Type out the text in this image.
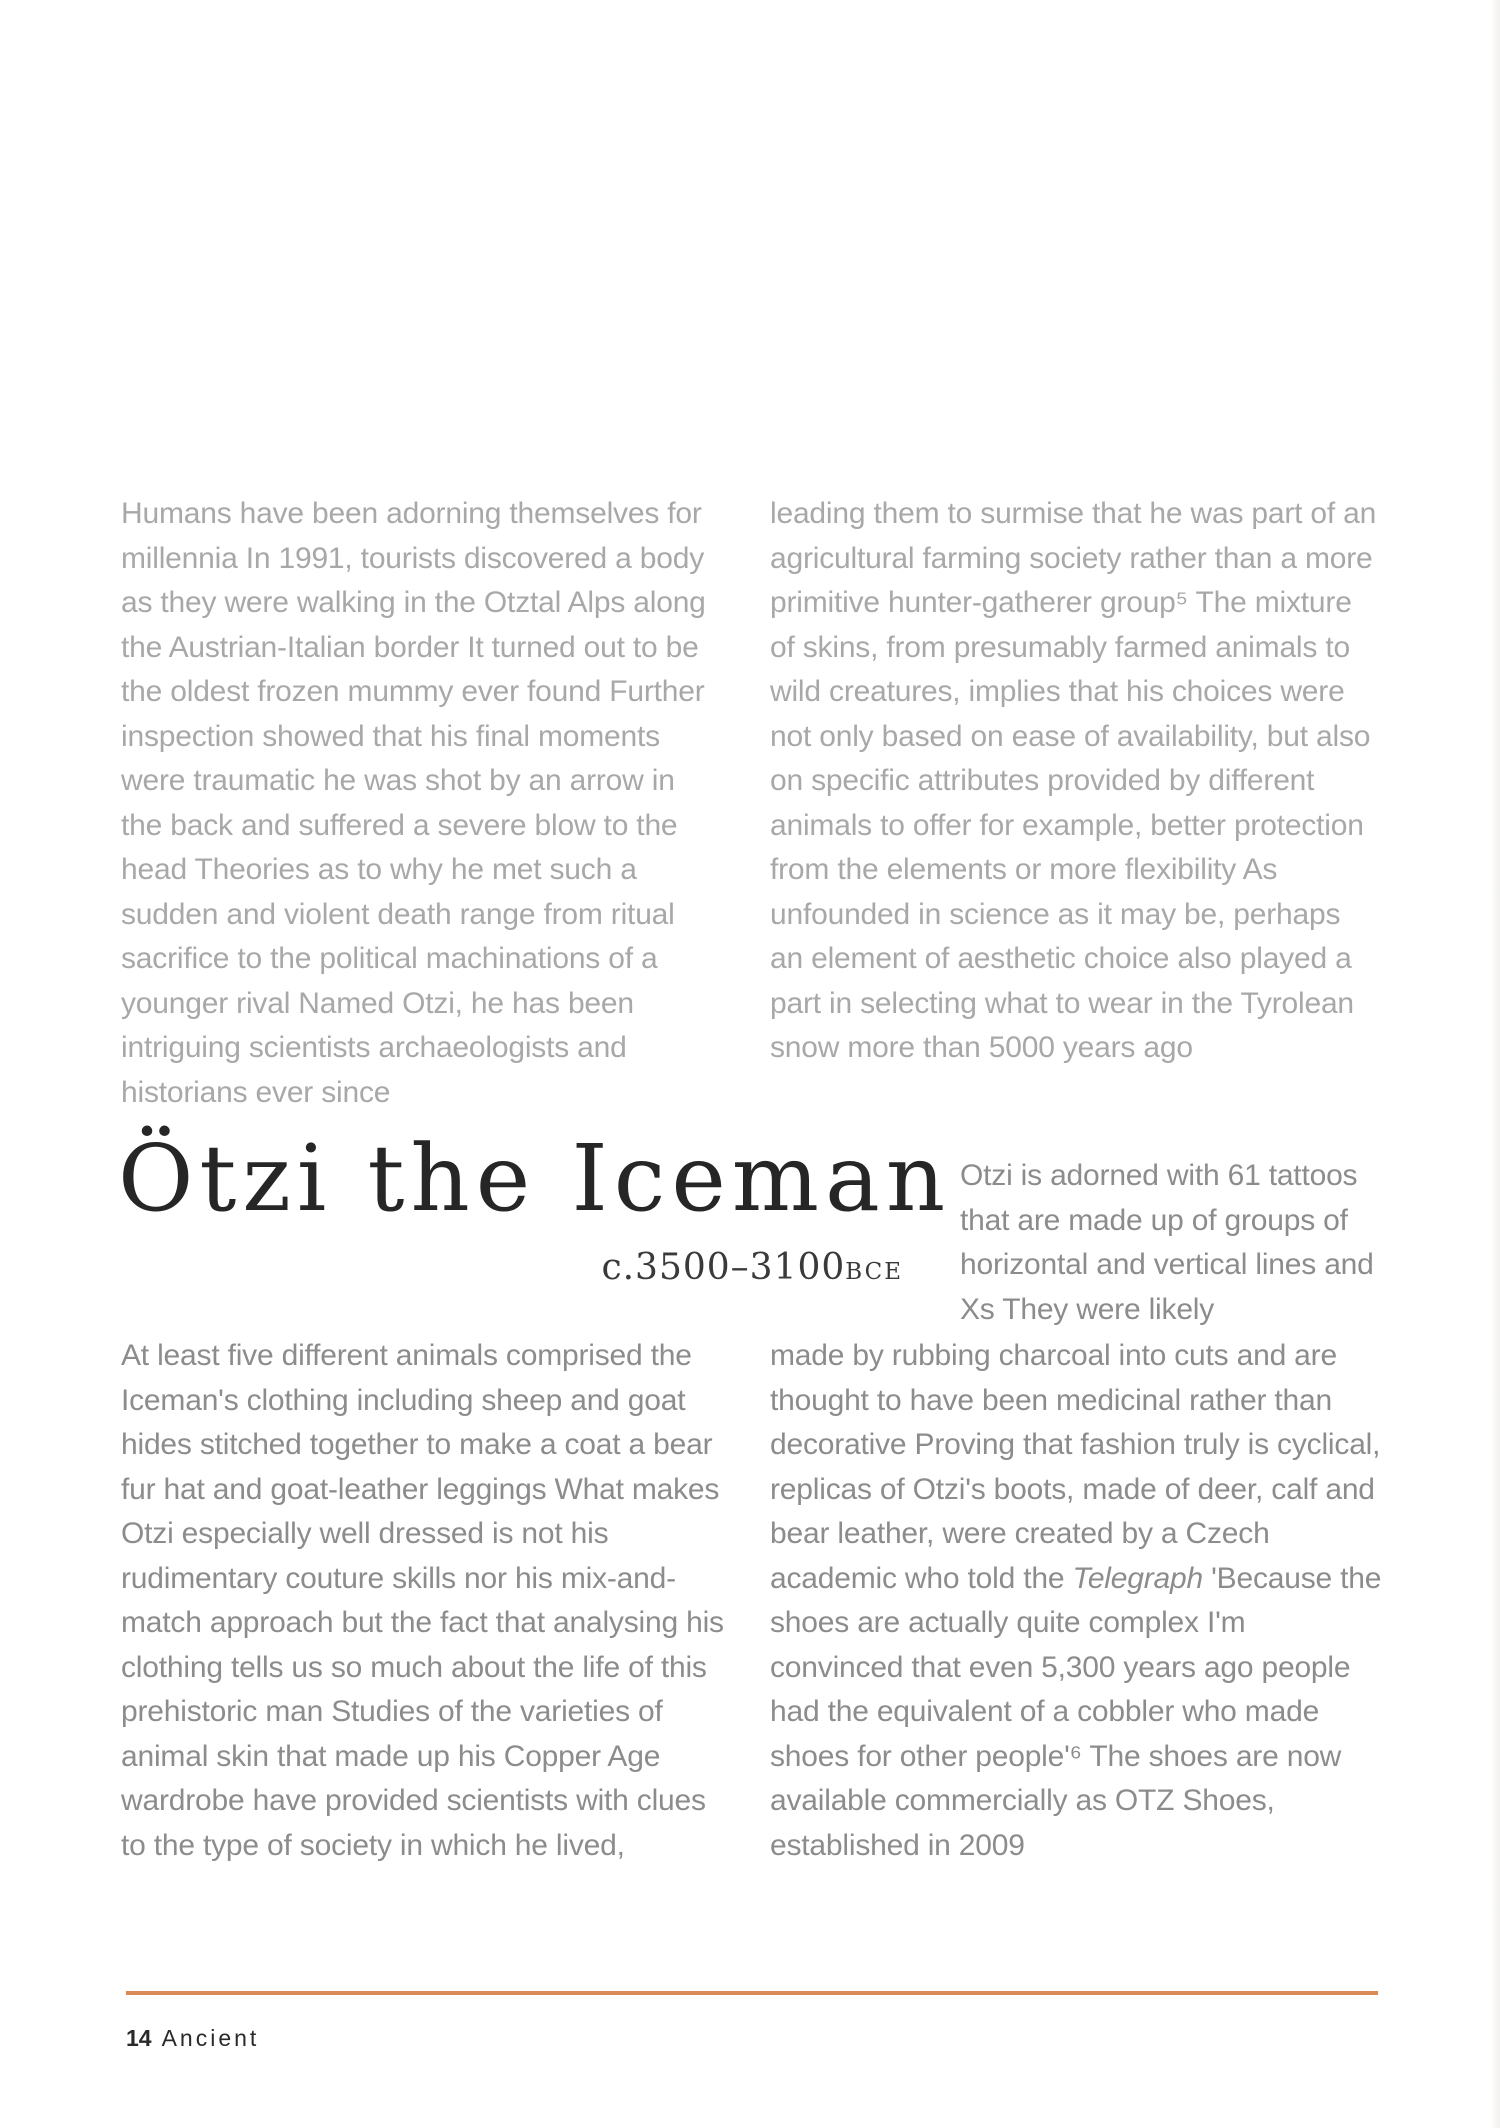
Humans have been adorning themselves for millennia In 1991, tourists discovered a body as they were walking in the Otztal Alps along the Austrian-Italian border It turned out to be the oldest frozen mummy ever found Further inspection showed that his final moments were traumatic he was shot by an arrow in the back and suffered a severe blow to the head Theories as to why he met such a sudden and violent death range from ritual sacrifice to the political machinations of a younger rival Named Otzi, he has been intriguing scientists archaeologists and historians ever since

leading them to surmise that he was part of an agricultural farming society rather than a more primitive hunter-gatherer group⁵ The mixture of skins, from presumably farmed animals to wild creatures, implies that his choices were not only based on ease of availability, but also on specific attributes provided by different animals to offer for example, better protection from the elements or more flexibility As unfounded in science as it may be, perhaps an element of aesthetic choice also played a part in selecting what to wear in the Tyrolean snow more than 5000 years ago

Ötzi the Iceman
c.3500–3100BCE

Otzi is adorned with 61 tattoos that are made up of groups of horizontal and vertical lines and Xs They were likely

At least five different animals comprised the Iceman's clothing including sheep and goat hides stitched together to make a coat a bear fur hat and goat-leather leggings What makes Otzi especially well dressed is not his rudimentary couture skills nor his mix-and-match approach but the fact that analysing his clothing tells us so much about the life of this prehistoric man Studies of the varieties of animal skin that made up his Copper Age wardrobe have provided scientists with clues to the type of society in which he lived,

made by rubbing charcoal into cuts and are thought to have been medicinal rather than decorative Proving that fashion truly is cyclical, replicas of Otzi's boots, made of deer, calf and bear leather, were created by a Czech academic who told the Telegraph 'Because the shoes are actually quite complex I'm convinced that even 5,300 years ago people had the equivalent of a cobbler who made shoes for other people'⁶ The shoes are now available commercially as OTZ Shoes, established in 2009

14 Ancient
